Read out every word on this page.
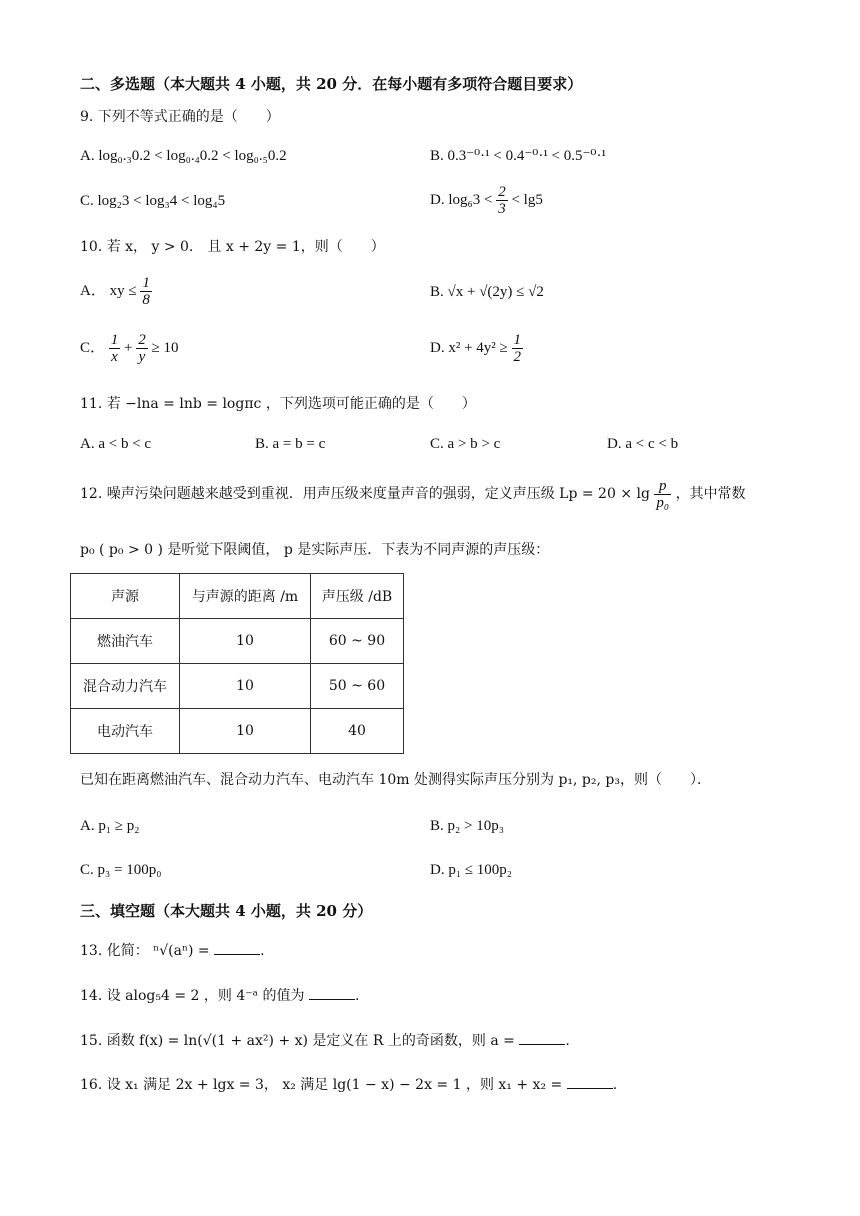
二、多选题（本大题共 4 小题，共 20 分．在每小题有多项符合题目要求）
9. 下列不等式正确的是（　　）
A. log₀.₃0.2 < log₀.₄0.2 < log₀.₅0.2	B. 0.3⁻⁰·¹ < 0.4⁻⁰·¹ < 0.5⁻⁰·¹
C. log₂3 < log₃4 < log₄5	D. $\log_63 < \frac{2}{3} < \lg 5$
10. 若 x， y > 0． 且 x + 2y = 1，则（　　）
A． xy ≤ $\frac{1}{8}$	B. √x + √(2y) ≤ √2
C． $\frac{1}{x} + \frac{2}{y} \ge 10$	D. $x^2 + 4y^2 \ge \frac{1}{2}$
11. 若 −lna = lnb = logπc ，下列选项可能正确的是（　　）
A. a < b < c	B. a = b = c	C. a > b > c	D. a < c < b
12. 噪声污染问题越来越受到重视．用声压级来度量声音的强弱，定义声压级 $Lp = 20 \times \lg \frac{p}{\text{p₀}}$ ，其中常数
p₀ ( p₀ > 0 ) 是听觉下限阈值， p 是实际声压．下表为不同声源的声压级：
声源	与声源的距离 /m	声压级 /dB
燃油汽车	10	60 ~ 90
混合动力汽车	10	50 ~ 60
电动汽车	10	40
已知在距离燃油汽车、混合动力汽车、电动汽车 10m 处测得实际声压分别为 p₁, p₂, p₃，则（　　）．
A. p₁ ≥ p₂	B. p₂ > 10p₃
C. p₃ = 100p₀	D. p₁ ≤ 100p₂
三、填空题（本大题共 4 小题，共 20 分）
13. 化简： ⁿ√(aⁿ) =	.
14. 设 alog₅4 = 2 ，则 4⁻ᵃ 的值为	.
15. 函数 f(x) = ln(√(1 + ax²) + x) 是定义在 R 上的奇函数，则 a =	.
16. 设 x₁ 满足 2x + lgx = 3， x₂ 满足 lg(1 − x) − 2x = 1 ，则 x₁ + x₂ =	.
